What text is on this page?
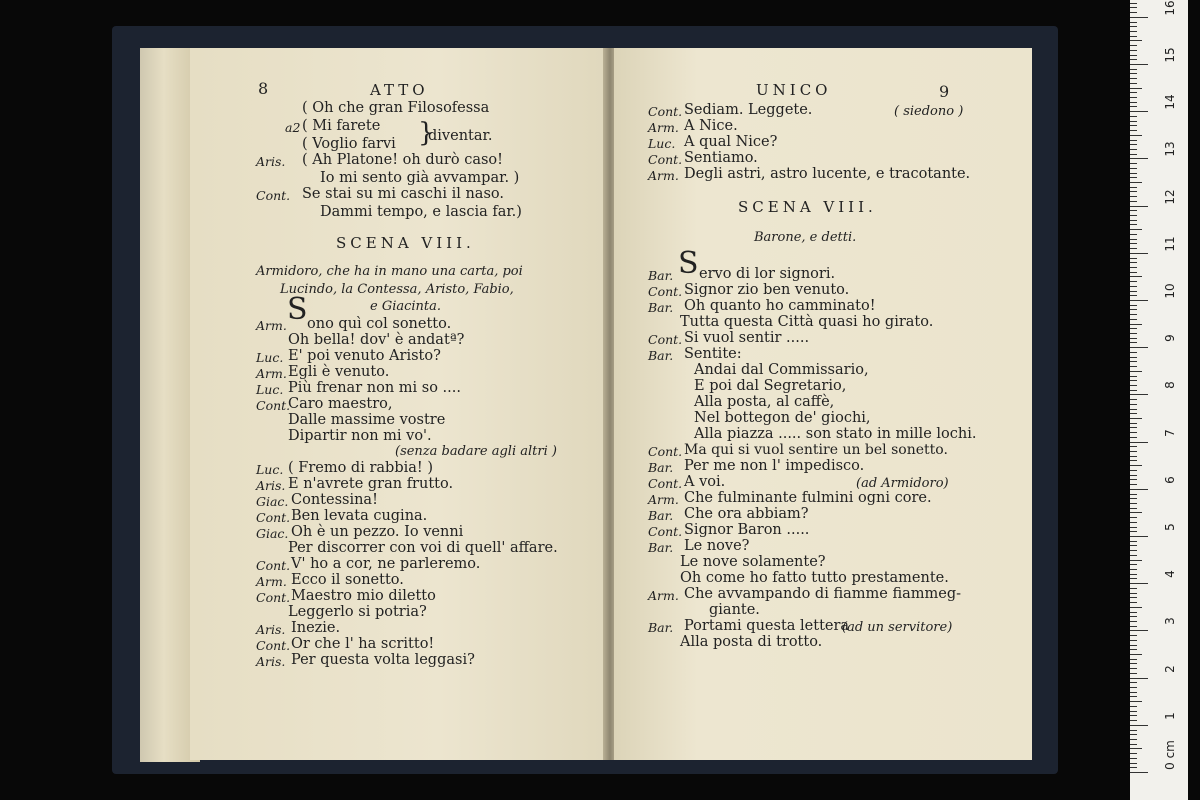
8	ATTO
( Oh che gran Filosofessa
a2 ( Mi farete
( Voglio farvi diventar.
}
Aris. ( Ah Platone! oh durò caso!
Io mi sento già avvampar. )
Cont. Se stai su mi caschi il naso.
Dammi tempo, e lascia far.)
SCENA VIII.
Armidoro, che ha in mano una carta, poi
Lucindo, la Contessa, Aristo, Fabio,
e Giacinta.
S
Arm. ono quì col sonetto.
Oh bella! dov' è andatª?
Luc. E' poi venuto Aristo?
Arm. Egli è venuto.
Luc. Più frenar non mi so ....
Cont.
Caro maestro,
Dalle massime vostre
Dipartir non mi vo'.
(senza badare agli altri )
Luc. ( Fremo di rabbia! )
Aris. E n'avrete gran frutto.
Giac. Contessina!
Cont. Ben levata cugina.
Giac. Oh è un pezzo. Io venni
Per discorrer con voi di quell' affare.
Cont. V' ho a cor, ne parleremo.
Arm. Ecco il sonetto.
Cont. Maestro mio diletto
Leggerlo si potria?
Aris. Inezie.
Cont. Or che l' ha scritto!
Aris. Per questa volta leggasi?
UNICO	9
Cont. Sediam. Leggete.	( siedono )
Arm. A Nice.
Luc. A qual Nice?
Cont. Sentiamo.
Arm. Degli astri, astro lucente, e tracotante.
SCENA VIII.
Barone, e detti.
S
Bar. ervo di lor signori.
Cont. Signor zio ben venuto.
Bar. Oh quanto ho camminato!
Tutta questa Città quasi ho girato.
Cont. Si vuol sentir .....
Bar. Sentite:
Andai dal Commissario,
E poi dal Segretario,
Alla posta, al caffè,
Nel bottegon de' giochi,
Alla piazza ..... son stato in mille lochi.
Cont. Ma qui si vuol sentire un bel sonetto.
Bar. Per me non l' impedisco.
Cont. A voi.	(ad Armidoro)
Arm. Che fulminante fulmini ogni core.
Bar. Che ora abbiam?
Cont. Signor Baron .....
Bar. Le nove?
Le nove solamente?
Oh come ho fatto tutto prestamente.
Arm. Che avvampando di fiamme fiammeg-
giante.
Bar. Portami questa lettera
(ad un servitore)
Alla posta di trotto.
0 cm
1
2
3
4
5
6
7
8
9
10
11
12
13
14
15
16
